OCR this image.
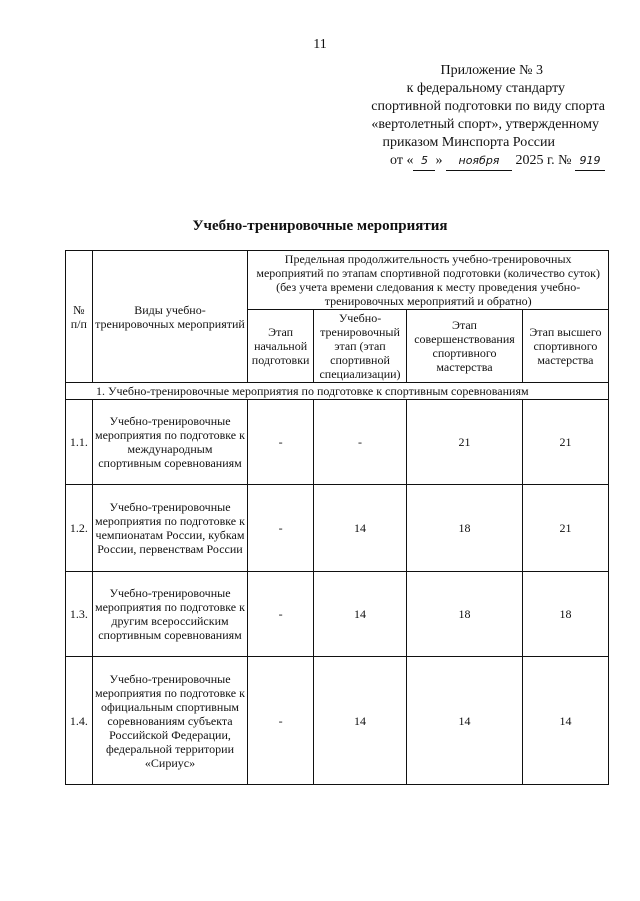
11
Приложение № 3
к федеральному стандарту
спортивной подготовки по виду спорта
«вертолетный спорт», утвержденному
приказом Минспорта России
от « 5 » ноября 2025 г. № 919
Учебно-тренировочные мероприятия
№ п/п	Виды учебно-тренировочных мероприятий	Предельная продолжительность учебно-тренировочных мероприятий по этапам спортивной подготовки (количество суток) (без учета времени следования к месту проведения учебно-тренировочных мероприятий и обратно)			
		Этап начальной подготовки	Учебно-тренировочный этап (этап спортивной специализации)	Этап совершенствования спортивного мастерства	Этап высшего спортивного мастерства
1. Учебно-тренировочные мероприятия по подготовке к спортивным соревнованиям					
1.1.	Учебно-тренировочные мероприятия по подготовке к международным спортивным соревнованиям	-	-	21	21
1.2.	Учебно-тренировочные мероприятия по подготовке к чемпионатам России, кубкам России, первенствам России	-	14	18	21
1.3.	Учебно-тренировочные мероприятия по подготовке к другим всероссийским спортивным соревнованиям	-	14	18	18
1.4.	Учебно-тренировочные мероприятия по подготовке к официальным спортивным соревнованиям субъекта Российской Федерации, федеральной территории «Сириус»	-	14	14	14
